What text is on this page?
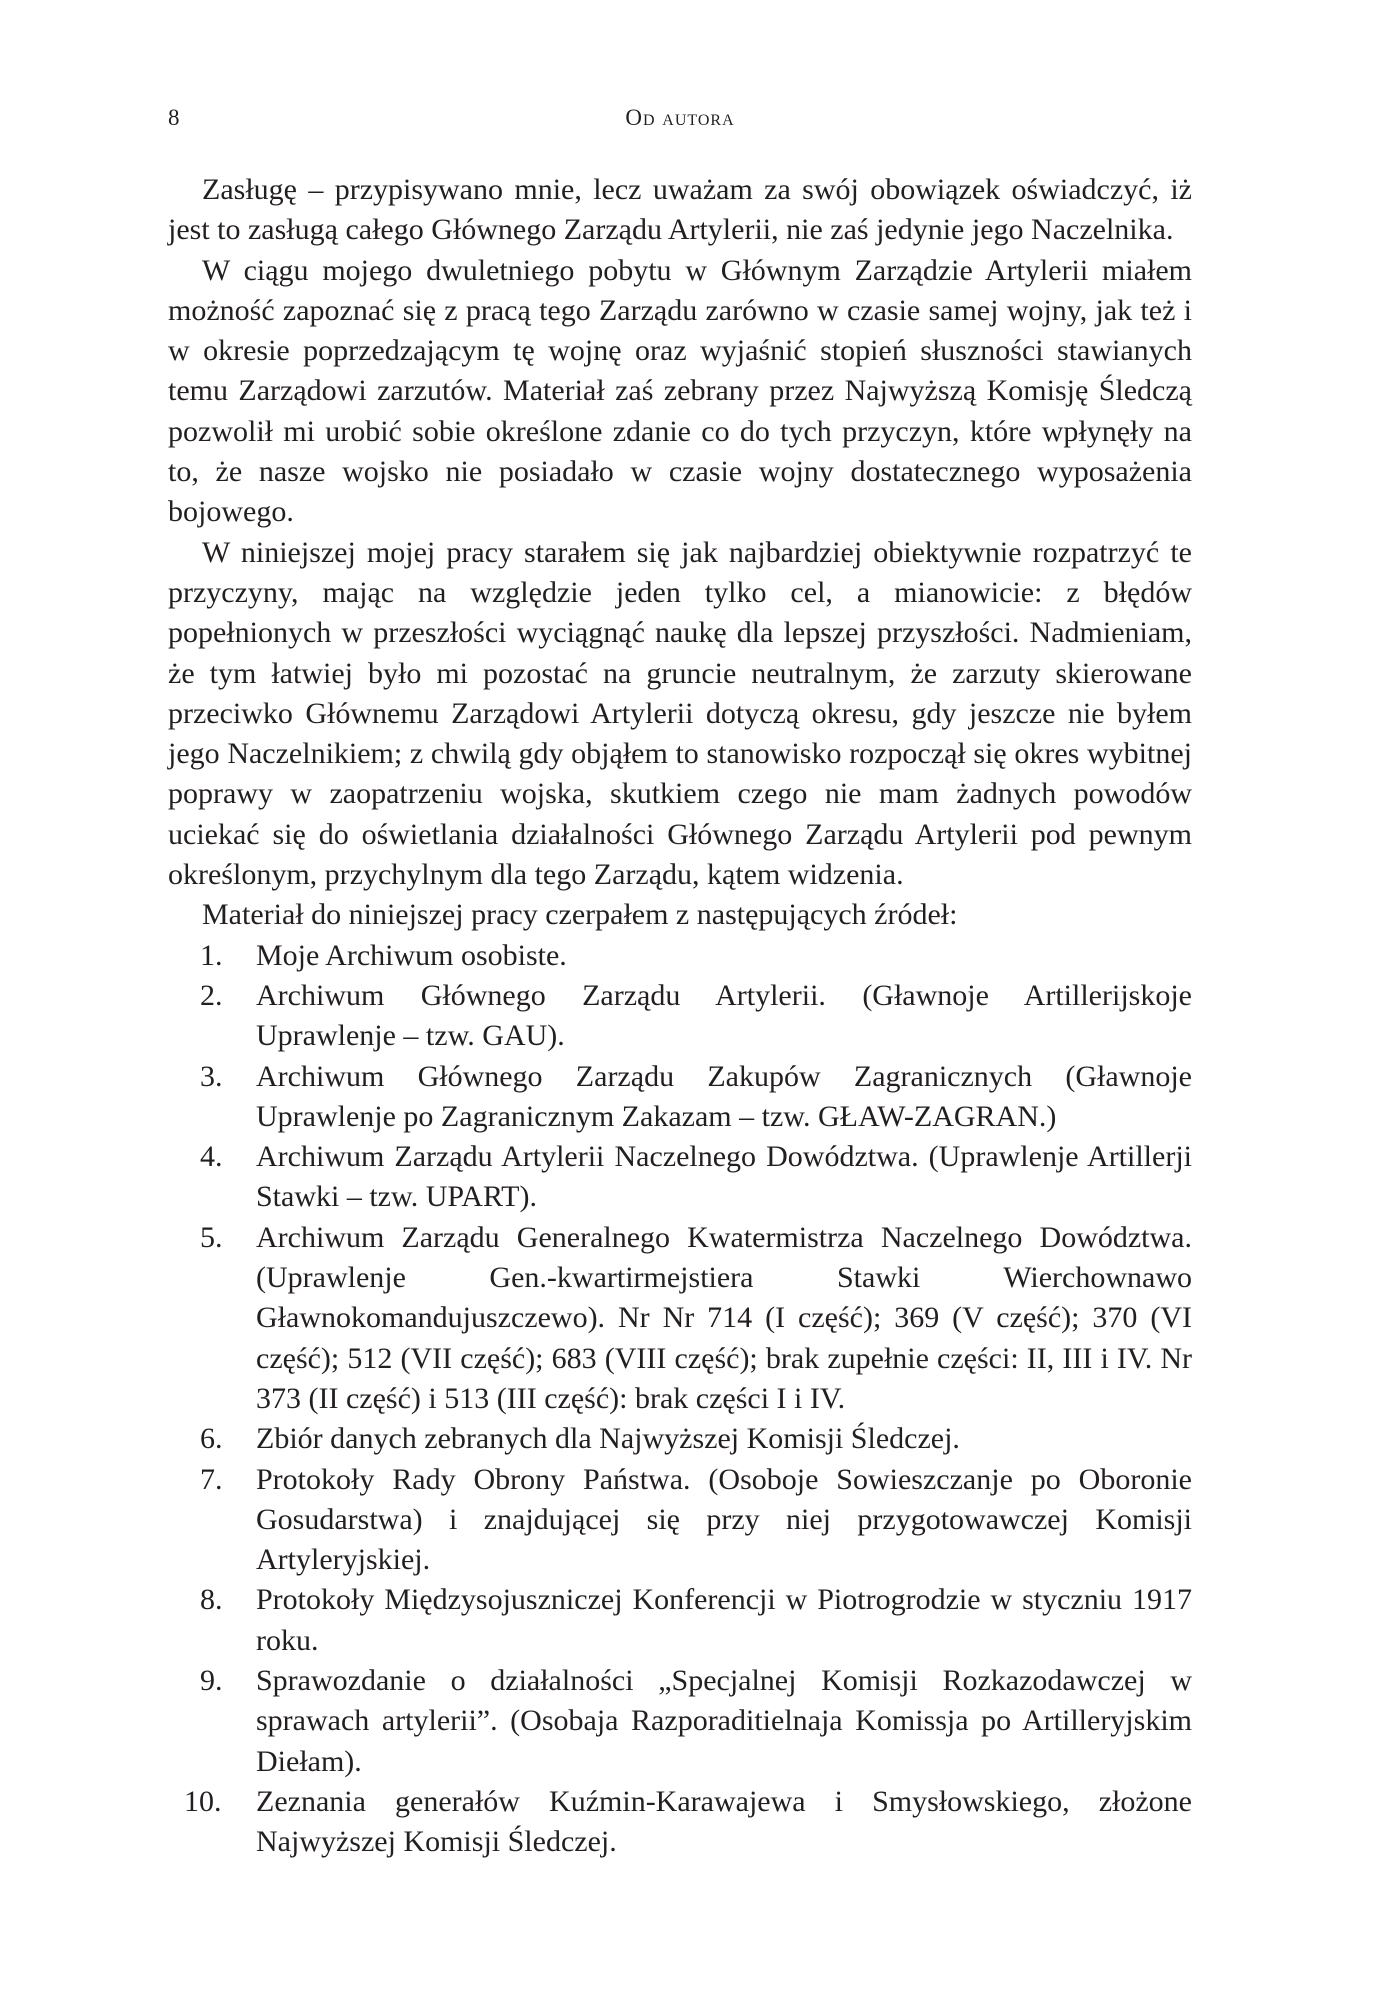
8	Od autora

Zasługę – przypisywano mnie, lecz uważam za swój obowiązek oświadczyć, iż jest to zasługą całego Głównego Zarządu Artylerii, nie zaś jedynie jego Naczelnika.

W ciągu mojego dwuletniego pobytu w Głównym Zarządzie Artylerii miałem możność zapoznać się z pracą tego Zarządu zarówno w czasie samej wojny, jak też i w okresie poprzedzającym tę wojnę oraz wyjaśnić stopień słuszności stawianych temu Zarządowi zarzutów. Materiał zaś zebrany przez Najwyższą Komisję Śledczą pozwolił mi urobić sobie określone zdanie co do tych przyczyn, które wpłynęły na to, że nasze wojsko nie posiadało w czasie wojny dostatecznego wyposażenia bojowego.

W niniejszej mojej pracy starałem się jak najbardziej obiektywnie rozpatrzyć te przyczyny, mając na względzie jeden tylko cel, a mianowicie: z błędów popełnionych w przeszłości wyciągnąć naukę dla lepszej przyszłości. Nadmieniam, że tym łatwiej było mi pozostać na gruncie neutralnym, że zarzuty skierowane przeciwko Głównemu Zarządowi Artylerii dotyczą okresu, gdy jeszcze nie byłem jego Naczelnikiem; z chwilą gdy objąłem to stanowisko rozpoczął się okres wybitnej poprawy w zaopatrzeniu wojska, skutkiem czego nie mam żadnych powodów uciekać się do oświetlania działalności Głównego Zarządu Artylerii pod pewnym określonym, przychylnym dla tego Zarządu, kątem widzenia.

Materiał do niniejszej pracy czerpałem z następujących źródeł:

1. Moje Archiwum osobiste.
2. Archiwum Głównego Zarządu Artylerii. (Gławnoje Artillerijskoje Uprawlenje – tzw. GAU).
3. Archiwum Głównego Zarządu Zakupów Zagranicznych (Gławnoje Uprawlenje po Zagranicznym Zakazam – tzw. GŁAW-ZAGRAN.)
4. Archiwum Zarządu Artylerii Naczelnego Dowództwa. (Uprawlenje Artillerji Stawki – tzw. UPART).
5. Archiwum Zarządu Generalnego Kwatermistrza Naczelnego Dowództwa. (Uprawlenje Gen.-kwartirmejstiera Stawki Wierchownawo Gławnokomandujuszczewo). Nr Nr 714 (I część); 369 (V część); 370 (VI część); 512 (VII część); 683 (VIII część); brak zupełnie części: II, III i IV. Nr 373 (II część) i 513 (III część): brak części I i IV.
6. Zbiór danych zebranych dla Najwyższej Komisji Śledczej.
7. Protokoły Rady Obrony Państwa. (Osoboje Sowieszczanje po Oboronie Gosudarstwa) i znajdującej się przy niej przygotowawczej Komisji Artyleryjskiej.
8. Protokoły Międzysojuszniczej Konferencji w Piotrogrodzie w styczniu 1917 roku.
9. Sprawozdanie o działalności „Specjalnej Komisji Rozkazodawczej w sprawach artylerii”. (Osobaja Razporaditielnaja Komissja po Artilleryjskim Diełam).
10. Zeznania generałów Kuźmin-Karawajewa i Smysłowskiego, złożone Najwyższej Komisji Śledczej.
